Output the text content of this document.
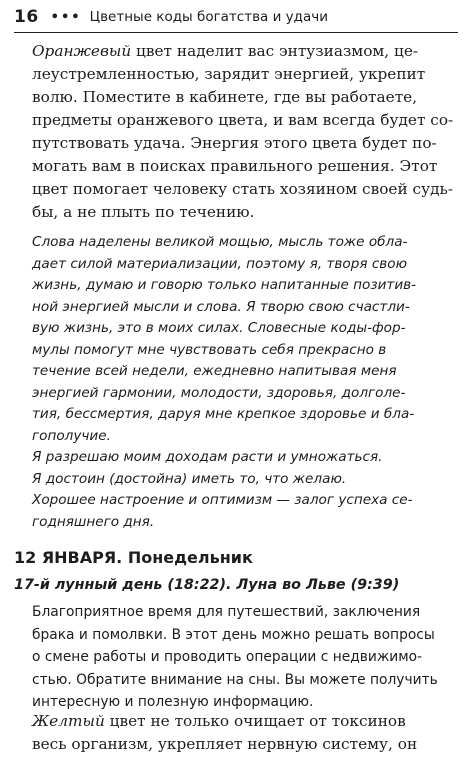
16 ••• Цветные коды богатства и удачи
Оранжевый цвет наделит вас энтузиазмом, це-
леустремленностью, зарядит энергией, укрепит
волю. Поместите в кабинете, где вы работаете,
предметы оранжевого цвета, и вам всегда будет со-
путствовать удача. Энергия этого цвета будет по-
могать вам в поисках правильного решения. Этот
цвет помогает человеку стать хозяином своей судь-
бы, а не плыть по течению.
Слова наделены великой мощью, мысль тоже обла-
дает силой материализации, поэтому я, творя свою
жизнь, думаю и говорю только напитанные позитив-
ной энергией мысли и слова. Я творю свою счастли-
вую жизнь, это в моих силах. Словесные коды-фор-
мулы помогут мне чувствовать себя прекрасно в
течение всей недели, ежедневно напитывая меня
энергией гармонии, молодости, здоровья, долголе-
тия, бессмертия, даруя мне крепкое здоровье и бла-
гополучие.
Я разрешаю моим доходам расти и умножаться.
Я достоин (достойна) иметь то, что желаю.
Хорошее настроение и оптимизм — залог успеха се-
годняшнего дня.
12 ЯНВАРЯ. Понедельник
17-й лунный день (18:22). Луна во Льве (9:39)
Благоприятное время для путешествий, заключения
брака и помолвки. В этот день можно решать вопросы
о смене работы и проводить операции с недвижимо-
стью. Обратите внимание на сны. Вы можете получить
интересную и полезную информацию.
Желтый цвет не только очищает от токсинов
весь организм, укрепляет нервную систему, он
